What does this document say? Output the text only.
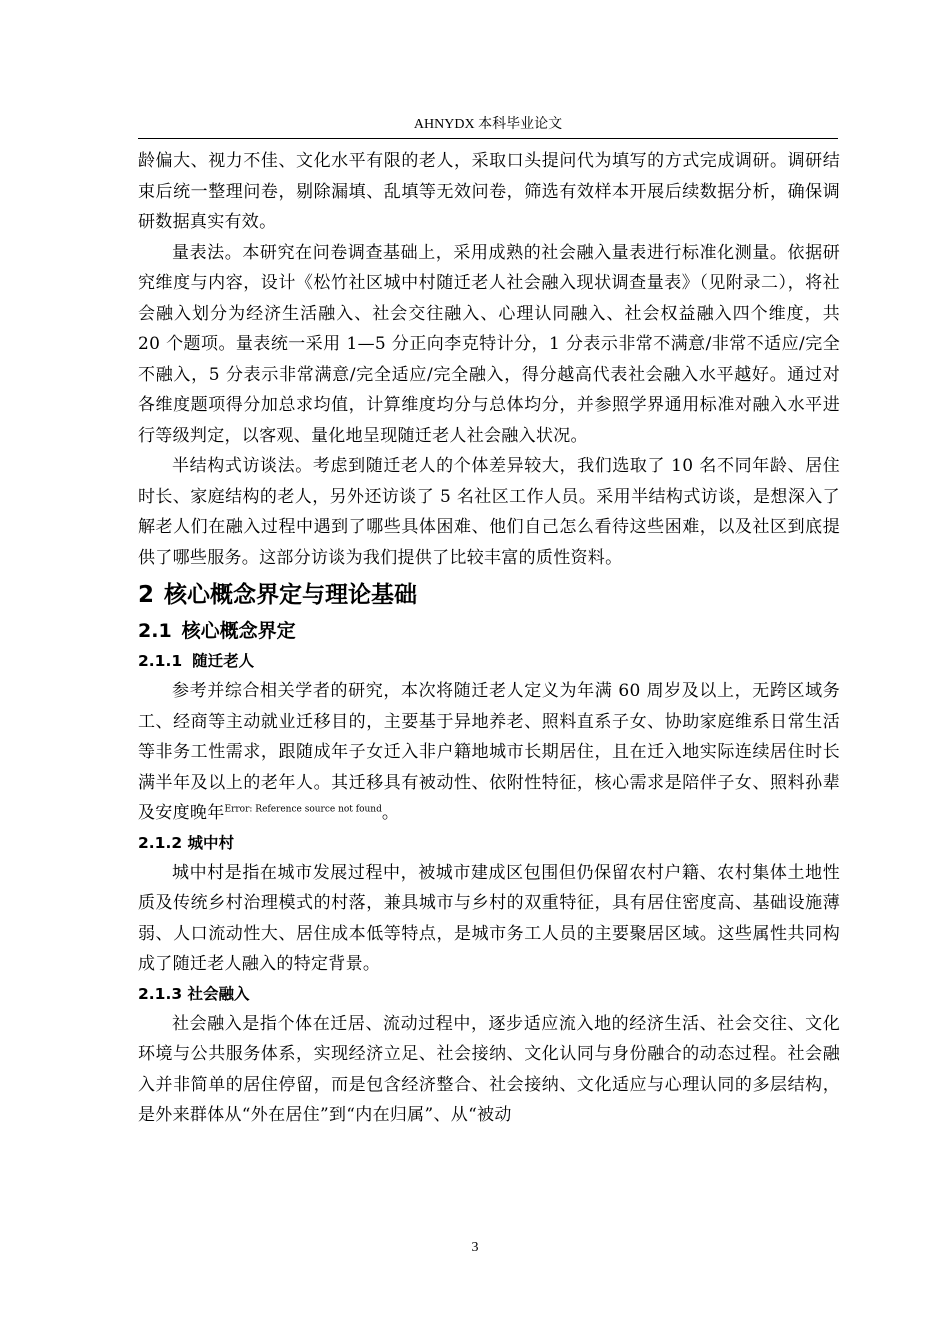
AHNYDX 本科毕业论文

龄偏大、视力不佳、文化水平有限的老人，采取口头提问代为填写的方式完成调研。调研结束后统一整理问卷，剔除漏填、乱填等无效问卷，筛选有效样本开展后续数据分析，确保调研数据真实有效。

量表法。本研究在问卷调查基础上，采用成熟的社会融入量表进行标准化测量。依据研究维度与内容，设计《松竹社区城中村随迁老人社会融入现状调查量表》（见附录二），将社会融入划分为经济生活融入、社会交往融入、心理认同融入、社会权益融入四个维度，共 20 个题项。量表统一采用 1—5 分正向李克特计分，1 分表示非常不满意/非常不适应/完全不融入，5 分表示非常满意/完全适应/完全融入，得分越高代表社会融入水平越好。通过对各维度题项得分加总求均值，计算维度均分与总体均分，并参照学界通用标准对融入水平进行等级判定，以客观、量化地呈现随迁老人社会融入状况。

半结构式访谈法。考虑到随迁老人的个体差异较大，我们选取了 10 名不同年龄、居住时长、家庭结构的老人，另外还访谈了 5 名社区工作人员。采用半结构式访谈，是想深入了解老人们在融入过程中遇到了哪些具体困难、他们自己怎么看待这些困难，以及社区到底提供了哪些服务。这部分访谈为我们提供了比较丰富的质性资料。

2 核心概念界定与理论基础
2.1 核心概念界定
2.1.1 随迁老人

参考并综合相关学者的研究，本次将随迁老人定义为年满 60 周岁及以上，无跨区域务工、经商等主动就业迁移目的，主要基于异地养老、照料直系子女、协助家庭维系日常生活等非务工性需求，跟随成年子女迁入非户籍地城市长期居住，且在迁入地实际连续居住时长满半年及以上的老年人。其迁移具有被动性、依附性特征，核心需求是陪伴子女、照料孙辈及安度晚年$^{Error: Reference source not found}$。

2.1.2 城中村

城中村是指在城市发展过程中，被城市建成区包围但仍保留农村户籍、农村集体土地性质及传统乡村治理模式的村落，兼具城市与乡村的双重特征，具有居住密度高、基础设施薄弱、人口流动性大、居住成本低等特点，是城市务工人员的主要聚居区域。这些属性共同构成了随迁老人融入的特定背景。

2.1.3 社会融入

社会融入是指个体在迁居、流动过程中，逐步适应流入地的经济生活、社会交往、文化环境与公共服务体系，实现经济立足、社会接纳、文化认同与身份融合的动态过程。社会融入并非简单的居住停留，而是包含经济整合、社会接纳、文化适应与心理认同的多层结构，是外来群体从“外在居住”到“内在归属”、从“被动

3
